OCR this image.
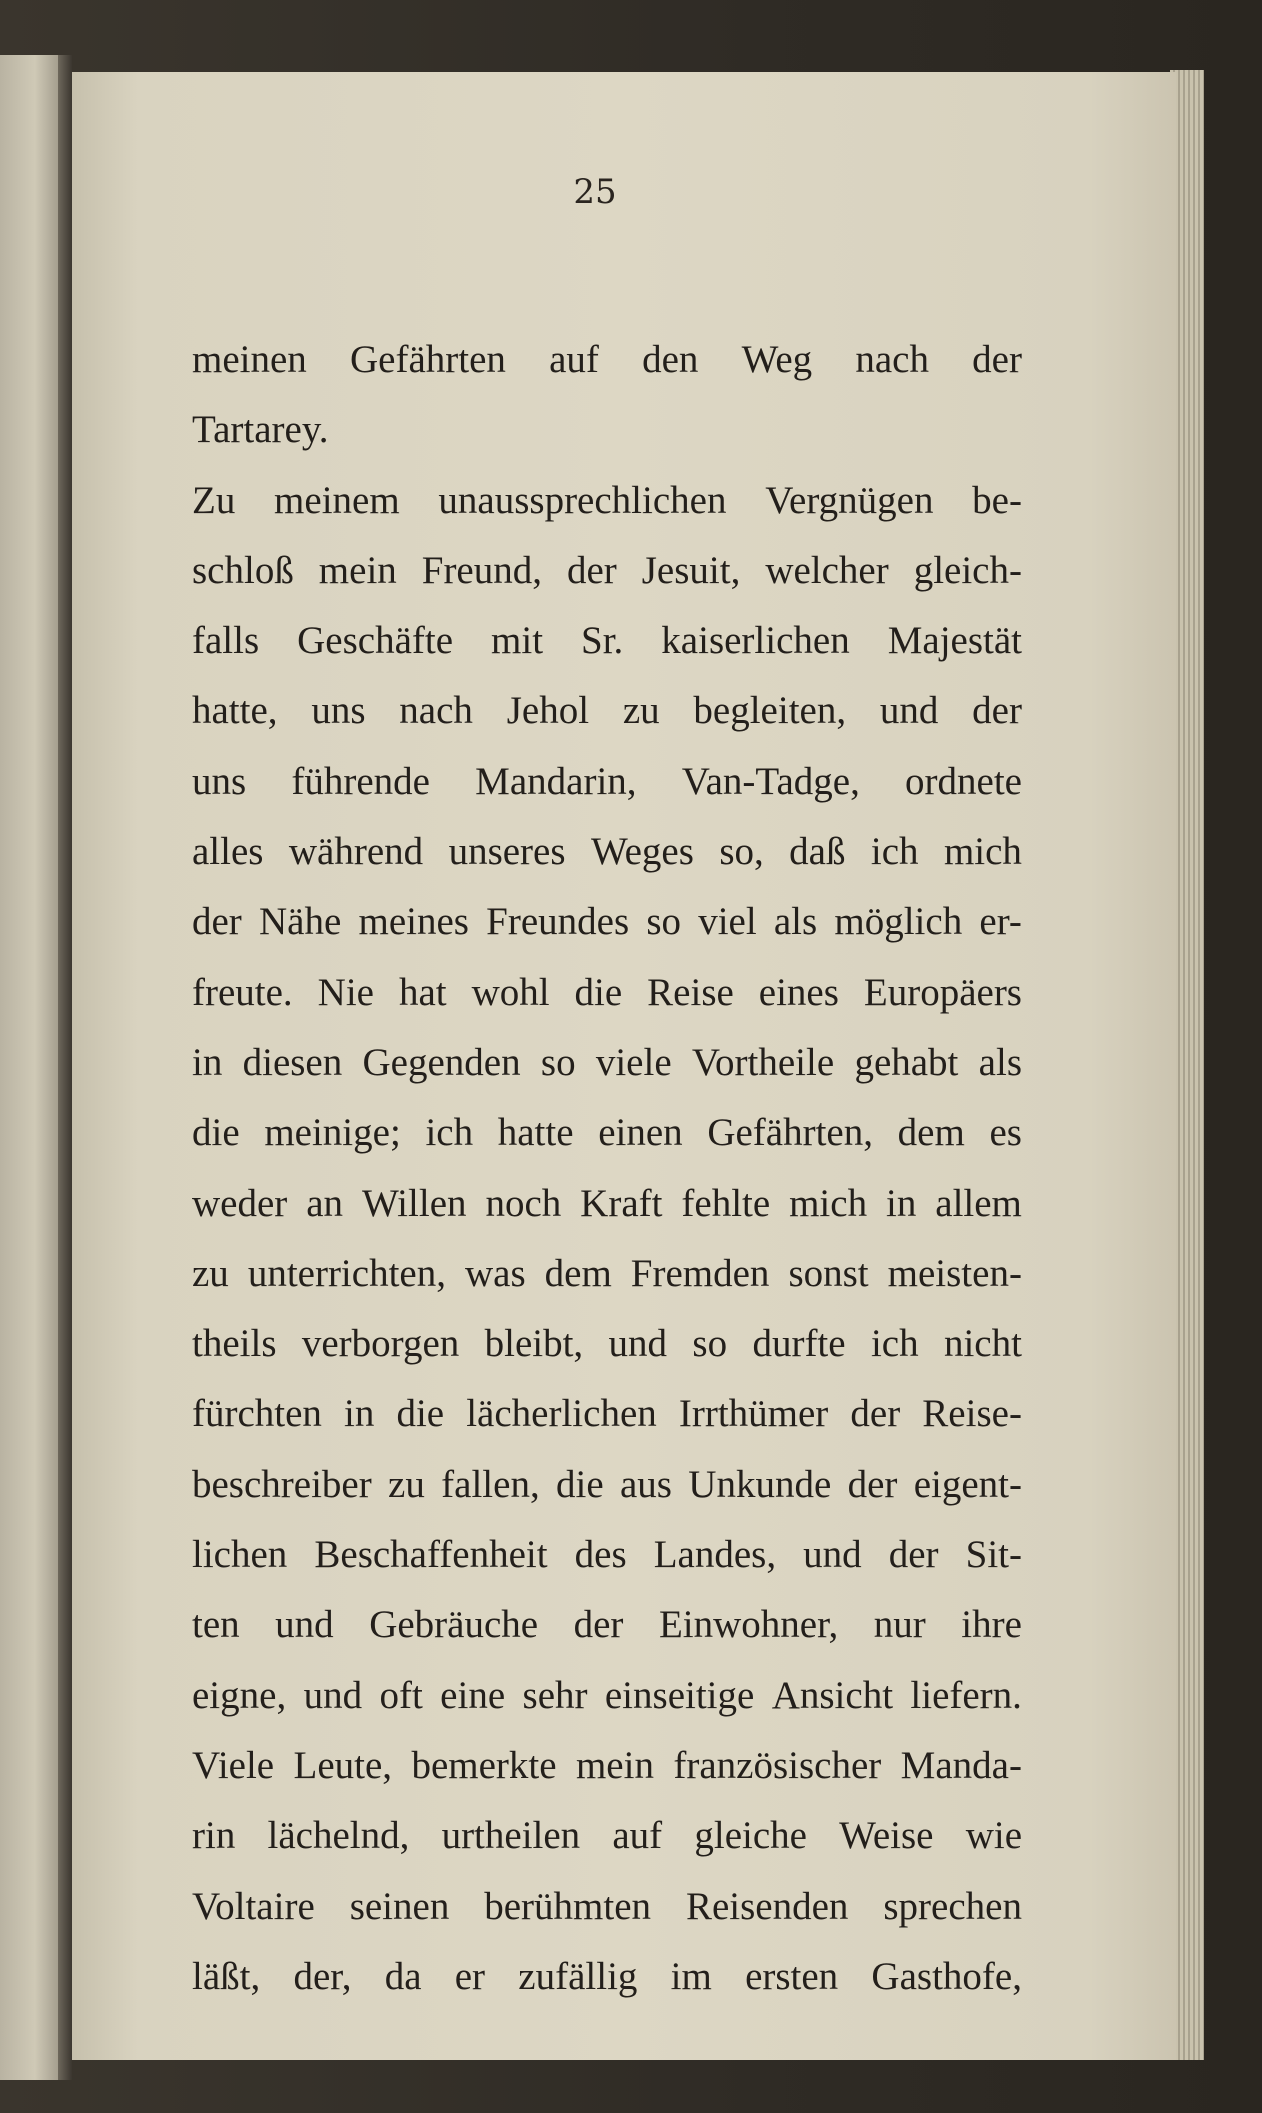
25
meinen Gefährten auf den Weg nach der
Tartarey.
Zu meinem unaussprechlichen Vergnügen be-
schloß mein Freund, der Jesuit, welcher gleich-
falls Geschäfte mit Sr. kaiserlichen Majestät
hatte, uns nach Jehol zu begleiten, und der
uns führende Mandarin, Van-Tadge, ordnete
alles während unseres Weges so, daß ich mich
der Nähe meines Freundes so viel als möglich er-
freute. Nie hat wohl die Reise eines Europäers
in diesen Gegenden so viele Vortheile gehabt als
die meinige; ich hatte einen Gefährten, dem es
weder an Willen noch Kraft fehlte mich in allem
zu unterrichten, was dem Fremden sonst meisten-
theils verborgen bleibt, und so durfte ich nicht
fürchten in die lächerlichen Irrthümer der Reise-
beschreiber zu fallen, die aus Unkunde der eigent-
lichen Beschaffenheit des Landes, und der Sit-
ten und Gebräuche der Einwohner, nur ihre
eigne, und oft eine sehr einseitige Ansicht liefern.
Viele Leute, bemerkte mein französischer Manda-
rin lächelnd, urtheilen auf gleiche Weise wie
Voltaire seinen berühmten Reisenden sprechen
läßt, der, da er zufällig im ersten Gasthofe,
